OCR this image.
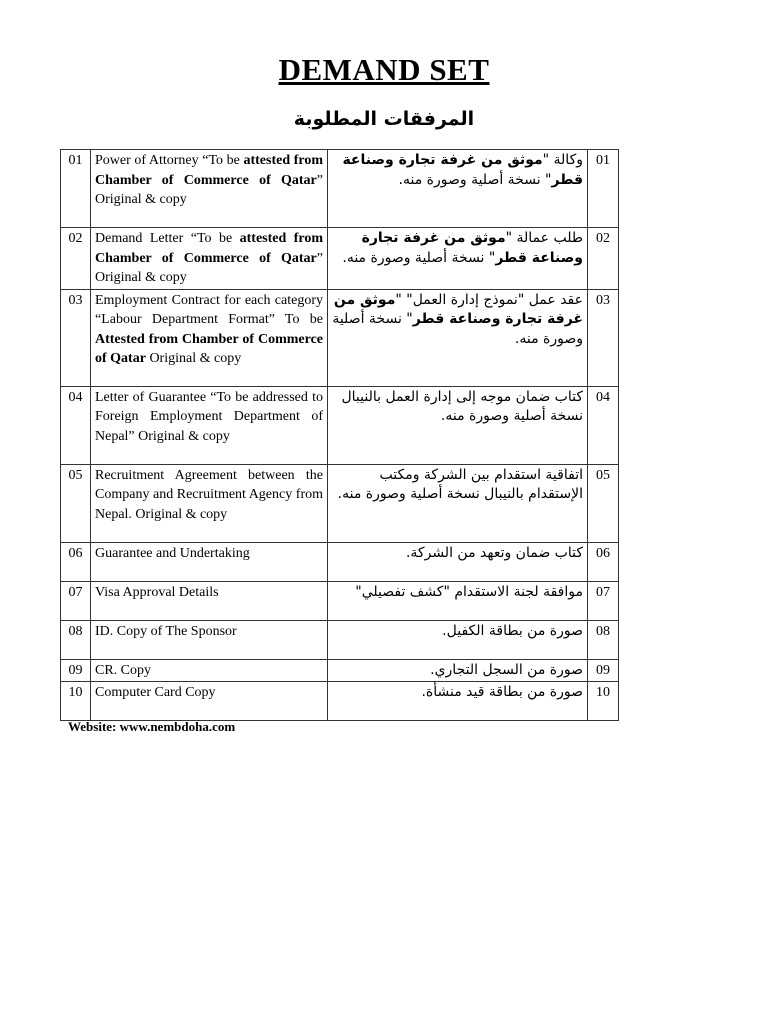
DEMAND SET
المرفقات المطلوبة
01	Power of Attorney “To be attested from Chamber of Commerce of Qatar” Original & copy	وكالة "موثق من غرفة تجارة وصناعة قطر" نسخة أصلية وصورة منه.	01
02	Demand Letter “To be attested from Chamber of Commerce of Qatar” Original & copy	طلب عمالة "موثق من غرفة تجارة وصناعة قطر" نسخة أصلية وصورة منه.	02
03	Employment Contract for each category “Labour Department Format” To be Attested from Chamber of Commerce of Qatar Original & copy	عقد عمل "نموذج إدارة العمل" "موثق من غرفة تجارة وصناعة قطر" نسخة أصلية وصورة منه.	03
04	Letter of Guarantee “To be addressed to Foreign Employment Department of Nepal” Original & copy	كتاب ضمان موجه إلى إدارة العمل بالنيبال نسخة أصلية وصورة منه.	04
05	Recruitment Agreement between the Company and Recruitment Agency from Nepal. Original & copy	اتفاقية استقدام بين الشركة ومكتب الإستقدام بالنيبال نسخة أصلية وصورة منه.	05
06	Guarantee and Undertaking	كتاب ضمان وتعهد من الشركة.	06
07	Visa Approval Details	موافقة لجنة الاستقدام "كشف تفصيلي"	07
08	ID. Copy of The Sponsor	صورة من بطاقة الكفيل.	08
09	CR. Copy	صورة من السجل التجاري.	09
10	Computer Card Copy	صورة من بطاقة قيد منشأة.	10
Website: www.nembdoha.com
